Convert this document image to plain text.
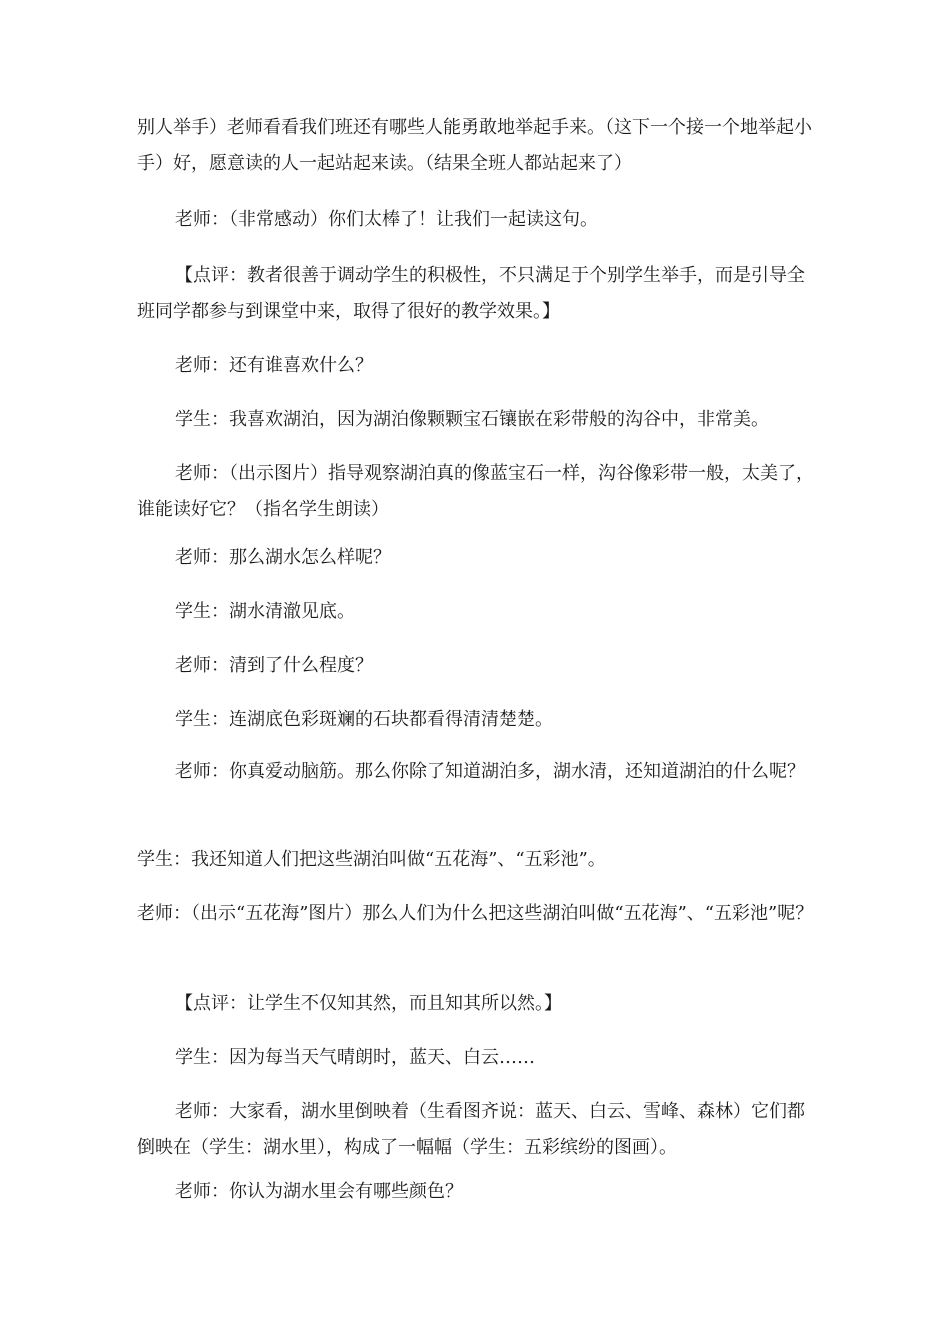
别人举手）老师看看我们班还有哪些人能勇敢地举起手来。（这下一个接一个地举起小手）好，愿意读的人一起站起来读。（结果全班人都站起来了）

老师：（非常感动）你们太棒了！让我们一起读这句。

【点评：教者很善于调动学生的积极性，不只满足于个别学生举手，而是引导全班同学都参与到课堂中来，取得了很好的教学效果。】

老师：还有谁喜欢什么？

学生：我喜欢湖泊，因为湖泊像颗颗宝石镶嵌在彩带般的沟谷中，非常美。

老师：（出示图片）指导观察湖泊真的像蓝宝石一样，沟谷像彩带一般，太美了，谁能读好它？（指名学生朗读）

老师：那么湖水怎么样呢？

学生：湖水清澈见底。

老师：清到了什么程度？

学生：连湖底色彩斑斓的石块都看得清清楚楚。

老师：你真爱动脑筋。那么你除了知道湖泊多，湖水清，还知道湖泊的什么呢？

学生：我还知道人们把这些湖泊叫做“五花海”、“五彩池”。

老师：（出示“五花海”图片）那么人们为什么把这些湖泊叫做“五花海”、“五彩池”呢？

【点评：让学生不仅知其然，而且知其所以然。】

学生：因为每当天气晴朗时，蓝天、白云……

老师：大家看，湖水里倒映着（生看图齐说：蓝天、白云、雪峰、森林）它们都倒映在（学生：湖水里），构成了一幅幅（学生：五彩缤纷的图画）。

老师：你认为湖水里会有哪些颜色？
